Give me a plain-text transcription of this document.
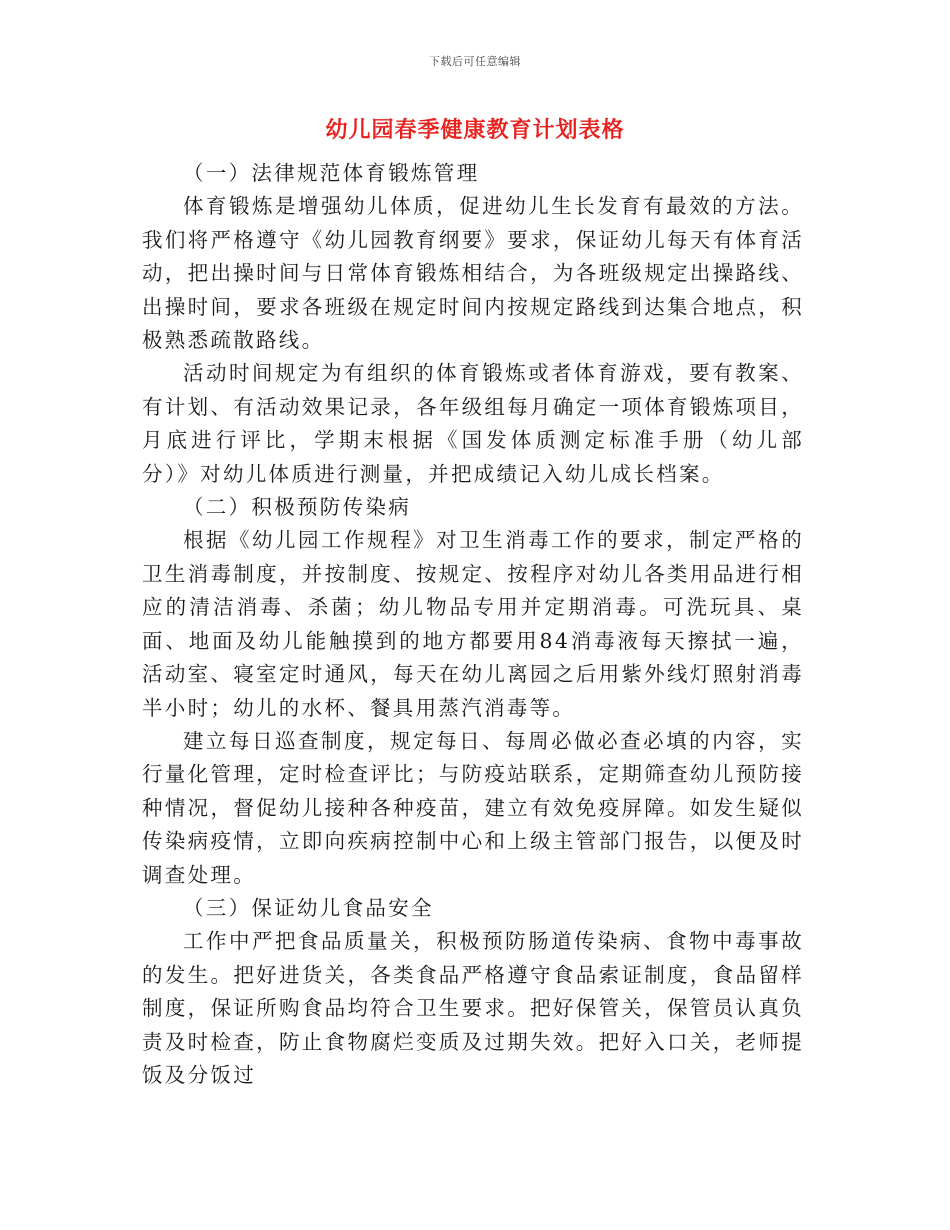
下载后可任意编辑
幼儿园春季健康教育计划表格
（一）法律规范体育锻炼管理

体育锻炼是增强幼儿体质，促进幼儿生长发育有最效的方法。我们将严格遵守《幼儿园教育纲要》要求，保证幼儿每天有体育活动，把出操时间与日常体育锻炼相结合，为各班级规定出操路线、出操时间，要求各班级在规定时间内按规定路线到达集合地点，积极熟悉疏散路线。

活动时间规定为有组织的体育锻炼或者体育游戏，要有教案、有计划、有活动效果记录，各年级组每月确定一项体育锻炼项目，月底进行评比，学期末根据《国发体质测定标准手册（幼儿部分）》对幼儿体质进行测量，并把成绩记入幼儿成长档案。

（二）积极预防传染病

根据《幼儿园工作规程》对卫生消毒工作的要求，制定严格的卫生消毒制度，并按制度、按规定、按程序对幼儿各类用品进行相应的清洁消毒、杀菌；幼儿物品专用并定期消毒。可洗玩具、桌面、地面及幼儿能触摸到的地方都要用84消毒液每天擦拭一遍，活动室、寝室定时通风，每天在幼儿离园之后用紫外线灯照射消毒半小时；幼儿的水杯、餐具用蒸汽消毒等。

建立每日巡查制度，规定每日、每周必做必查必填的内容，实行量化管理，定时检查评比；与防疫站联系，定期筛查幼儿预防接种情况，督促幼儿接种各种疫苗，建立有效免疫屏障。如发生疑似传染病疫情，立即向疾病控制中心和上级主管部门报告，以便及时调查处理。

（三）保证幼儿食品安全

工作中严把食品质量关，积极预防肠道传染病、食物中毒事故的发生。把好进货关，各类食品严格遵守食品索证制度，食品留样制度，保证所购食品均符合卫生要求。把好保管关，保管员认真负责及时检查，防止食物腐烂变质及过期失效。把好入口关，老师提饭及分饭过
